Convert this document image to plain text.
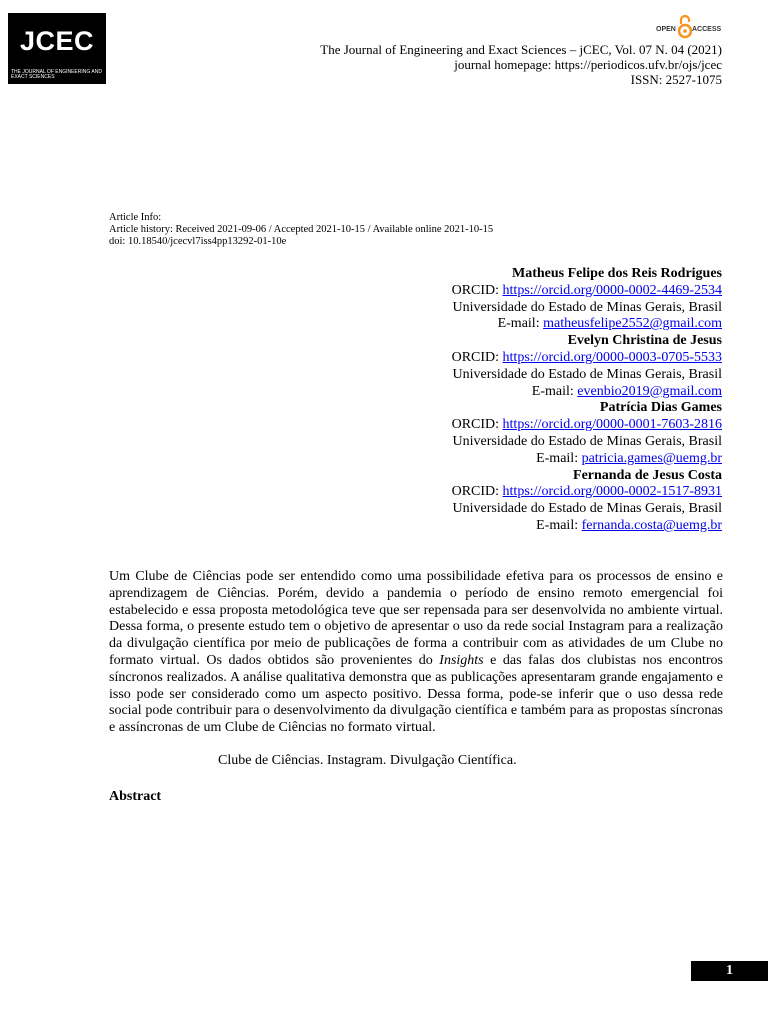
JCEC
THE JOURNAL OF ENGINEERING AND EXACT SCIENCES
OPEN ACCESS
The Journal of Engineering and Exact Sciences – jCEC, Vol. 07 N. 04 (2021)
journal homepage: https://periodicos.ufv.br/ojs/jcec
ISSN: 2527-1075
Article Info:
Article history: Received 2021-09-06 / Accepted 2021-10-15 / Available online 2021-10-15
doi: 10.18540/jcecvl7iss4pp13292-01-10e
Matheus Felipe dos Reis Rodrigues
ORCID: https://orcid.org/0000-0002-4469-2534
Universidade do Estado de Minas Gerais, Brasil
E-mail: matheusfelipe2552@gmail.com
Evelyn Christina de Jesus
ORCID: https://orcid.org/0000-0003-0705-5533
Universidade do Estado de Minas Gerais, Brasil
E-mail: evenbio2019@gmail.com
Patrícia Dias Games
ORCID: https://orcid.org/0000-0001-7603-2816
Universidade do Estado de Minas Gerais, Brasil
E-mail: patricia.games@uemg.br
Fernanda de Jesus Costa
ORCID: https://orcid.org/0000-0002-1517-8931
Universidade do Estado de Minas Gerais, Brasil
E-mail: fernanda.costa@uemg.br

Um Clube de Ciências pode ser entendido como uma possibilidade efetiva para os processos de ensino e aprendizagem de Ciências. Porém, devido a pandemia o período de ensino remoto emergencial foi estabelecido e essa proposta metodológica teve que ser repensada para ser desenvolvida no ambiente virtual. Dessa forma, o presente estudo tem o objetivo de apresentar o uso da rede social Instagram para a realização da divulgação científica por meio de publicações de forma a contribuir com as atividades de um Clube no formato virtual. Os dados obtidos são provenientes do Insights e das falas dos clubistas nos encontros síncronos realizados. A análise qualitativa demonstra que as publicações apresentaram grande engajamento e isso pode ser considerado como um aspecto positivo. Dessa forma, pode-se inferir que o uso dessa rede social pode contribuir para o desenvolvimento da divulgação científica e também para as propostas síncronas e assíncronas de um Clube de Ciências no formato virtual.

Clube de Ciências. Instagram. Divulgação Científica.
Abstract
1
